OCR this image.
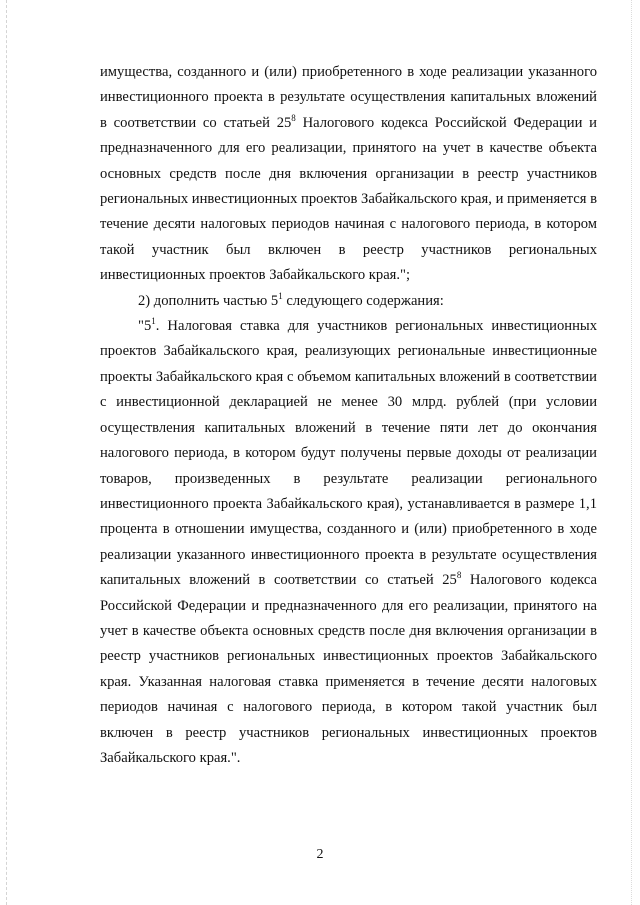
имущества, созданного и (или) приобретенного в ходе реализации указанного инвестиционного проекта в результате осуществления капитальных вложений в соответствии со статьей $25^8$ Налогового кодекса Российской Федерации и предназначенного для его реализации, принятого на учет в качестве объекта основных средств после дня включения организации в реестр участников региональных инвестиционных проектов Забайкальского края, и применяется в течение десяти налоговых периодов начиная с налогового периода, в котором такой участник был включен в реестр участников региональных инвестиционных проектов Забайкальского края.";

2) дополнить частью $5^1$ следующего содержания:

"$5^1$. Налоговая ставка для участников региональных инвестиционных проектов Забайкальского края, реализующих региональные инвестиционные проекты Забайкальского края с объемом капитальных вложений в соответствии с инвестиционной декларацией не менее 30 млрд. рублей (при условии осуществления капитальных вложений в течение пяти лет до окончания налогового периода, в котором будут получены первые доходы от реализации товаров, произведенных в результате реализации регионального инвестиционного проекта Забайкальского края), устанавливается в размере 1,1 процента в отношении имущества, созданного и (или) приобретенного в ходе реализации указанного инвестиционного проекта в результате осуществления капитальных вложений в соответствии со статьей $25^8$ Налогового кодекса Российской Федерации и предназначенного для его реализации, принятого на учет в качестве объекта основных средств после дня включения организации в реестр участников региональных инвестиционных проектов Забайкальского края. Указанная налоговая ставка применяется в течение десяти налоговых периодов начиная с налогового периода, в котором такой участник был включен в реестр участников региональных инвестиционных проектов Забайкальского края.".

2
